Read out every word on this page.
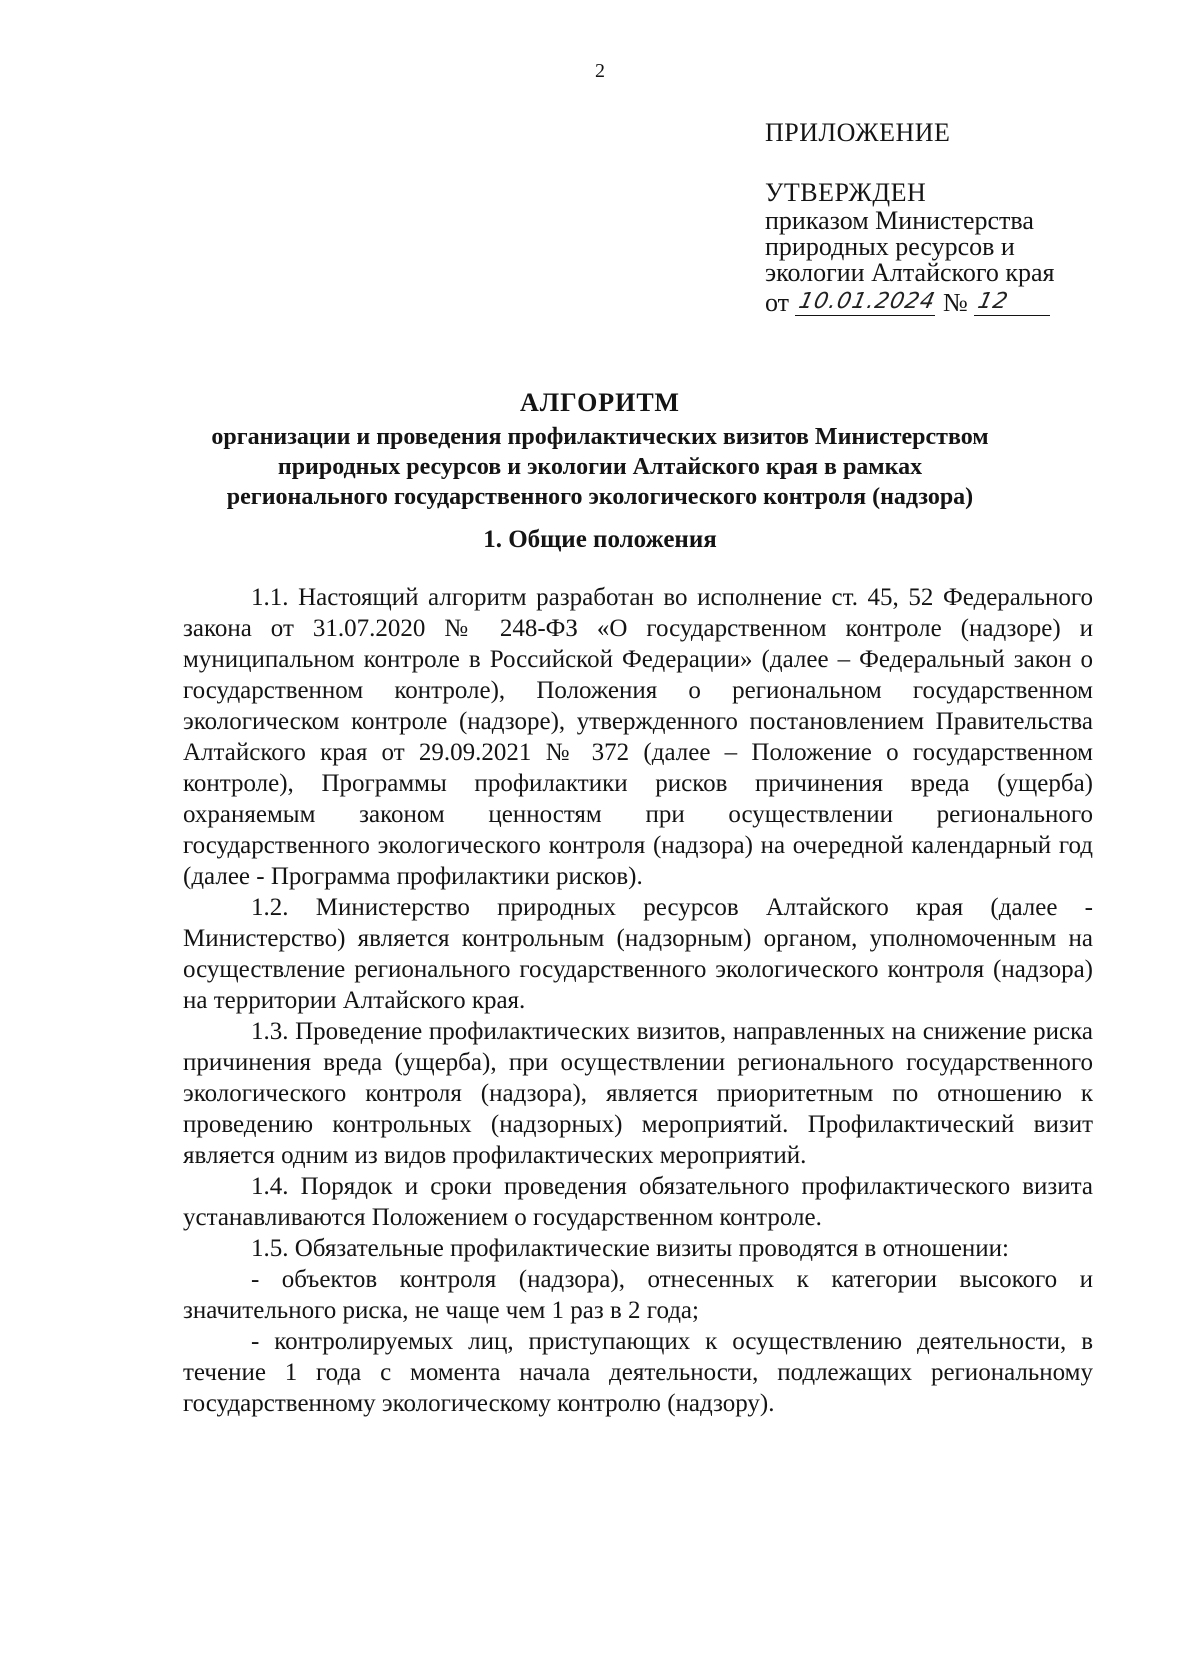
2
ПРИЛОЖЕНИЕ
УТВЕРЖДЕН
приказом Министерства
природных ресурсов и
экологии Алтайского края
от 10.01.2024 № 12
АЛГОРИТМ
организации и проведения профилактических визитов Министерством
природных ресурсов и экологии Алтайского края в рамках
регионального государственного экологического контроля (надзора)
1. Общие положения

1.1. Настоящий алгоритм разработан во исполнение ст. 45, 52 Федерального закона от 31.07.2020 № 248-ФЗ «О государственном контроле (надзоре) и муниципальном контроле в Российской Федерации» (далее – Федеральный закон о государственном контроле), Положения о региональном государственном экологическом контроле (надзоре), утвержденного постановлением Правительства Алтайского края от 29.09.2021 № 372 (далее – Положение о государственном контроле), Программы профилактики рисков причинения вреда (ущерба) охраняемым законом ценностям при осуществлении регионального государственного экологического контроля (надзора) на очередной календарный год (далее - Программа профилактики рисков).

1.2. Министерство природных ресурсов Алтайского края (далее - Министерство) является контрольным (надзорным) органом, уполномоченным на осуществление регионального государственного экологического контроля (надзора) на территории Алтайского края.

1.3. Проведение профилактических визитов, направленных на снижение риска причинения вреда (ущерба), при осуществлении регионального государственного экологического контроля (надзора), является приоритетным по отношению к проведению контрольных (надзорных) мероприятий. Профилактический визит является одним из видов профилактических мероприятий.

1.4. Порядок и сроки проведения обязательного профилактического визита устанавливаются Положением о государственном контроле.

1.5. Обязательные профилактические визиты проводятся в отношении:

- объектов контроля (надзора), отнесенных к категории высокого и значительного риска, не чаще чем 1 раз в 2 года;

- контролируемых лиц, приступающих к осуществлению деятельности, в течение 1 года с момента начала деятельности, подлежащих региональному государственному экологическому контролю (надзору).
